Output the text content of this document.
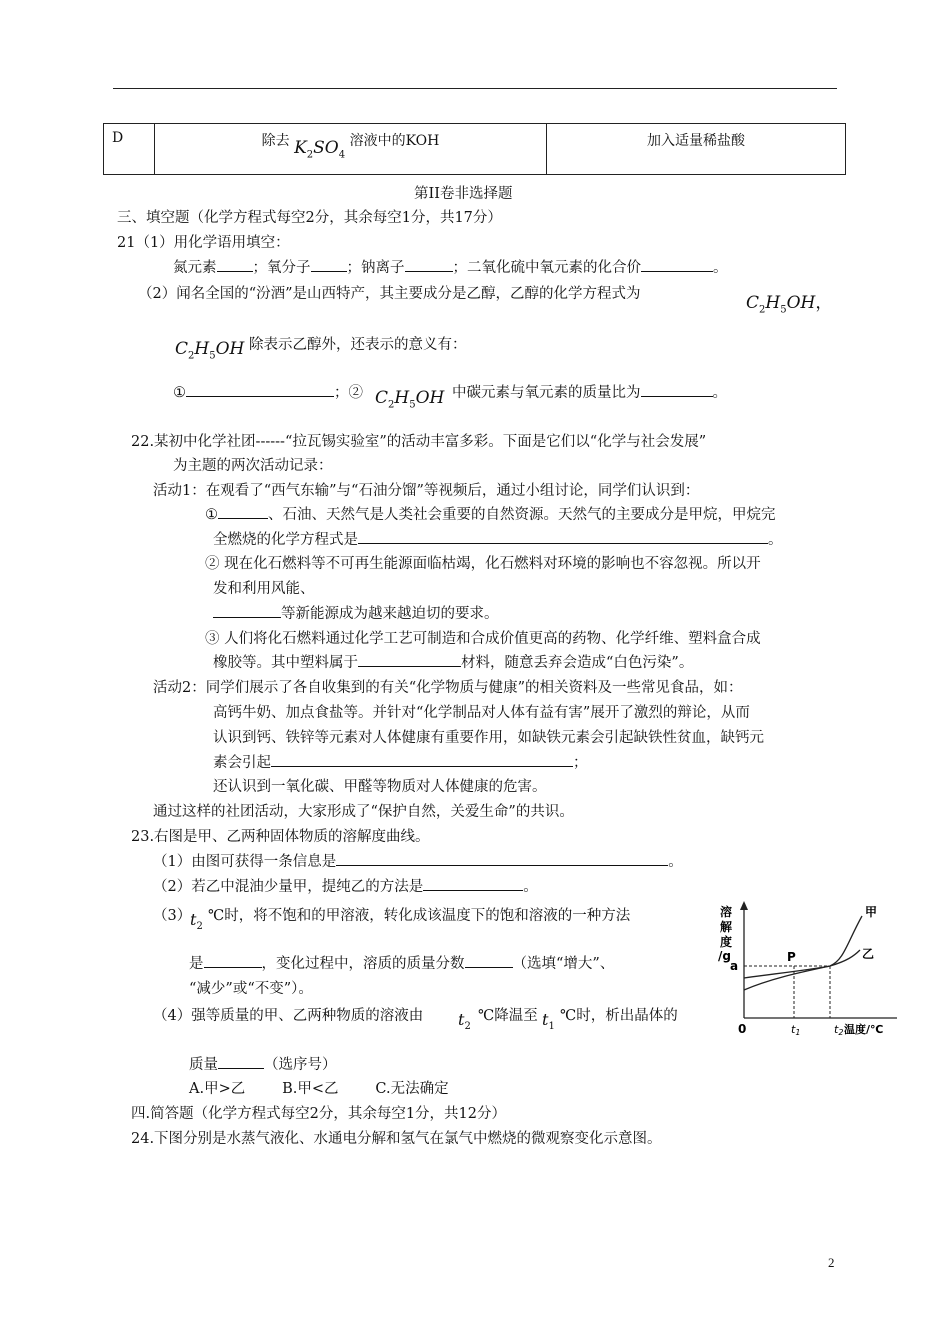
D	除去 $K_2SO_4$ 溶液中的KOH	加入适量稀盐酸
第II卷非选择题
三、填空题（化学方程式每空2分，其余每空1分，共17分）
21（1）用化学语用填空：
氮元素 ；氧分子 ；钠离子	；二氧化硫中氧元素的化合价	。
（2）闻名全国的“汾酒”是山西特产，其主要成分是乙醇，乙醇的化学方程式为	$C_2H_5OH$，
$C_2H_5OH$ 除表示乙醇外，还表示的意义有：
①	；② $C_2H_5OH$ 中碳元素与氧元素的质量比为	。
22.某初中化学社团------“拉瓦锡实验室”的活动丰富多彩。下面是它们以“化学与社会发展”
为主题的两次活动记录：
活动1：在观看了“西气东输”与“石油分馏”等视频后，通过小组讨论，同学们认识到：
①	、石油、天然气是人类社会重要的自然资源。天然气的主要成分是甲烷，甲烷完
全燃烧的化学方程式是	。
② 现在化石燃料等不可再生能源面临枯竭，化石燃料对环境的影响也不容忽视。所以开
发和利用风能、
等新能源成为越来越迫切的要求。
③ 人们将化石燃料通过化学工艺可制造和合成价值更高的药物、化学纤维、塑料盒合成
橡胶等。其中塑料属于	材料，随意丢弃会造成“白色污染”。
活动2：同学们展示了各自收集到的有关“化学物质与健康”的相关资料及一些常见食品，如：
高钙牛奶、加点食盐等。并针对“化学制品对人体有益有害”展开了激烈的辩论，从而
认识到钙、铁锌等元素对人体健康有重要作用，如缺铁元素会引起缺铁性贫血，缺钙元
素会引起	；
还认识到一氧化碳、甲醛等物质对人体健康的危害。
通过这样的社团活动，大家形成了“保护自然，关爱生命”的共识。
23.右图是甲、乙两种固体物质的溶解度曲线。
（1）由图可获得一条信息是	。
（2）若乙中混油少量甲，提纯乙的方法是	。
（3）
$t_2$
℃时，将不饱和的甲溶液，转化成该温度下的饱和溶液的一种方法
是	，变化过程中，溶质的质量分数	（选填“增大”、
“减少”或“不变”）。
（4）强等质量的甲、乙两种物质的溶液由 $t_2$
℃降温至 $t_1$
℃时，析出晶体的
质量	（选序号）
A.甲>乙        B.甲<乙        C.无法确定
溶
解
度
/g	P
a
0	t1	t2 温度/℃
甲
乙
四.简答题（化学方程式每空2分，其余每空1分，共12分）
24.下图分别是水蒸气液化、水通电分解和氢气在氯气中燃烧的微观察变化示意图。
2
